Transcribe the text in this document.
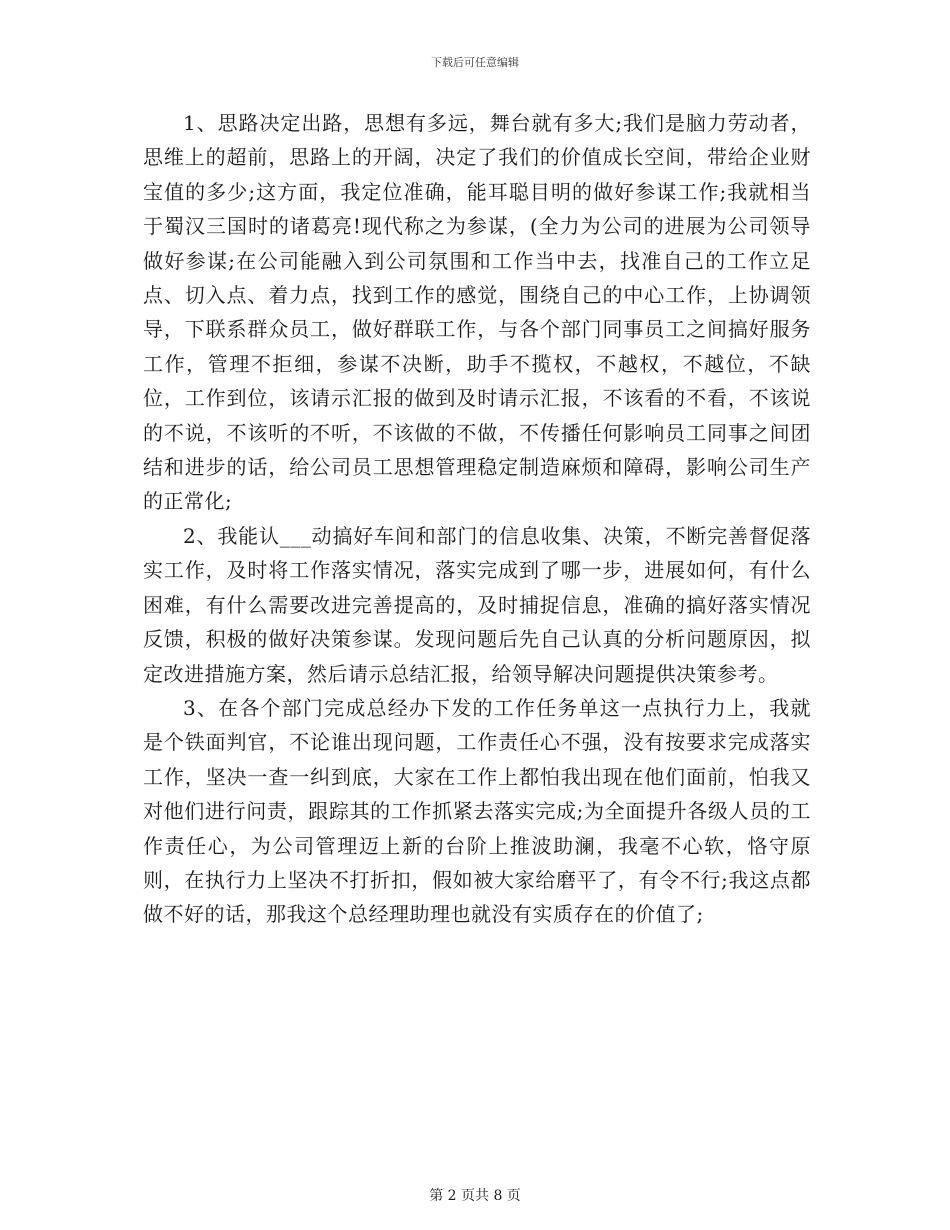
下载后可任意编辑

1、思路决定出路，思想有多远，舞台就有多大;我们是脑力劳动者，思维上的超前，思路上的开阔，决定了我们的价值成长空间，带给企业财宝值的多少;这方面，我定位准确，能耳聪目明的做好参谋工作;我就相当于蜀汉三国时的诸葛亮!现代称之为参谋，(全力为公司的进展为公司领导做好参谋;在公司能融入到公司氛围和工作当中去，找准自己的工作立足点、切入点、着力点，找到工作的感觉，围绕自己的中心工作，上协调领导，下联系群众员工，做好群联工作，与各个部门同事员工之间搞好服务工作，管理不拒细，参谋不决断，助手不揽权，不越权，不越位，不缺位，工作到位，该请示汇报的做到及时请示汇报，不该看的不看，不该说的不说，不该听的不听，不该做的不做，不传播任何影响员工同事之间团结和进步的话，给公司员工思想管理稳定制造麻烦和障碍，影响公司生产的正常化;

2、我能认___动搞好车间和部门的信息收集、决策，不断完善督促落实工作，及时将工作落实情况，落实完成到了哪一步，进展如何，有什么困难，有什么需要改进完善提高的，及时捕捉信息，准确的搞好落实情况反馈，积极的做好决策参谋。发现问题后先自己认真的分析问题原因，拟定改进措施方案，然后请示总结汇报，给领导解决问题提供决策参考。

3、在各个部门完成总经办下发的工作任务单这一点执行力上，我就是个铁面判官，不论谁出现问题，工作责任心不强，没有按要求完成落实工作，坚决一查一纠到底，大家在工作上都怕我出现在他们面前，怕我又对他们进行问责，跟踪其的工作抓紧去落实完成;为全面提升各级人员的工作责任心，为公司管理迈上新的台阶上推波助澜，我毫不心软，恪守原则，在执行力上坚决不打折扣，假如被大家给磨平了，有令不行;我这点都做不好的话，那我这个总经理助理也就没有实质存在的价值了;

第 2 页共 8 页
